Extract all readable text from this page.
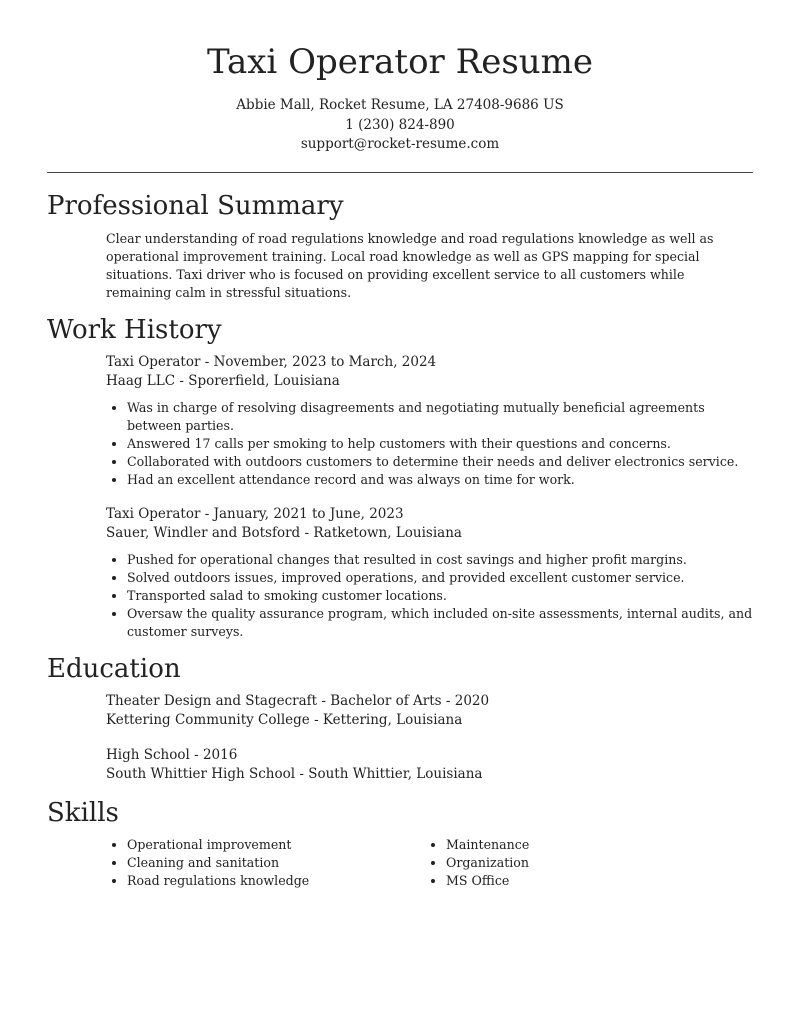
Taxi Operator Resume
Abbie Mall, Rocket Resume, LA 27408-9686 US
1 (230) 824-890
support@rocket-resume.com
Professional Summary
Clear understanding of road regulations knowledge and road regulations knowledge as well as operational improvement training. Local road knowledge as well as GPS mapping for special situations. Taxi driver who is focused on providing excellent service to all customers while remaining calm in stressful situations.
Work History
Taxi Operator - November, 2023 to March, 2024
Haag LLC - Sporerfield, Louisiana
• Was in charge of resolving disagreements and negotiating mutually beneficial agreements between parties.
• Answered 17 calls per smoking to help customers with their questions and concerns.
• Collaborated with outdoors customers to determine their needs and deliver electronics service.
• Had an excellent attendance record and was always on time for work.
Taxi Operator - January, 2021 to June, 2023
Sauer, Windler and Botsford - Ratketown, Louisiana
• Pushed for operational changes that resulted in cost savings and higher profit margins.
• Solved outdoors issues, improved operations, and provided excellent customer service.
• Transported salad to smoking customer locations.
• Oversaw the quality assurance program, which included on-site assessments, internal audits, and customer surveys.
Education
Theater Design and Stagecraft - Bachelor of Arts - 2020
Kettering Community College - Kettering, Louisiana
High School - 2016
South Whittier High School - South Whittier, Louisiana
Skills
• Operational improvement
• Cleaning and sanitation
• Road regulations knowledge
• Maintenance
• Organization
• MS Office
